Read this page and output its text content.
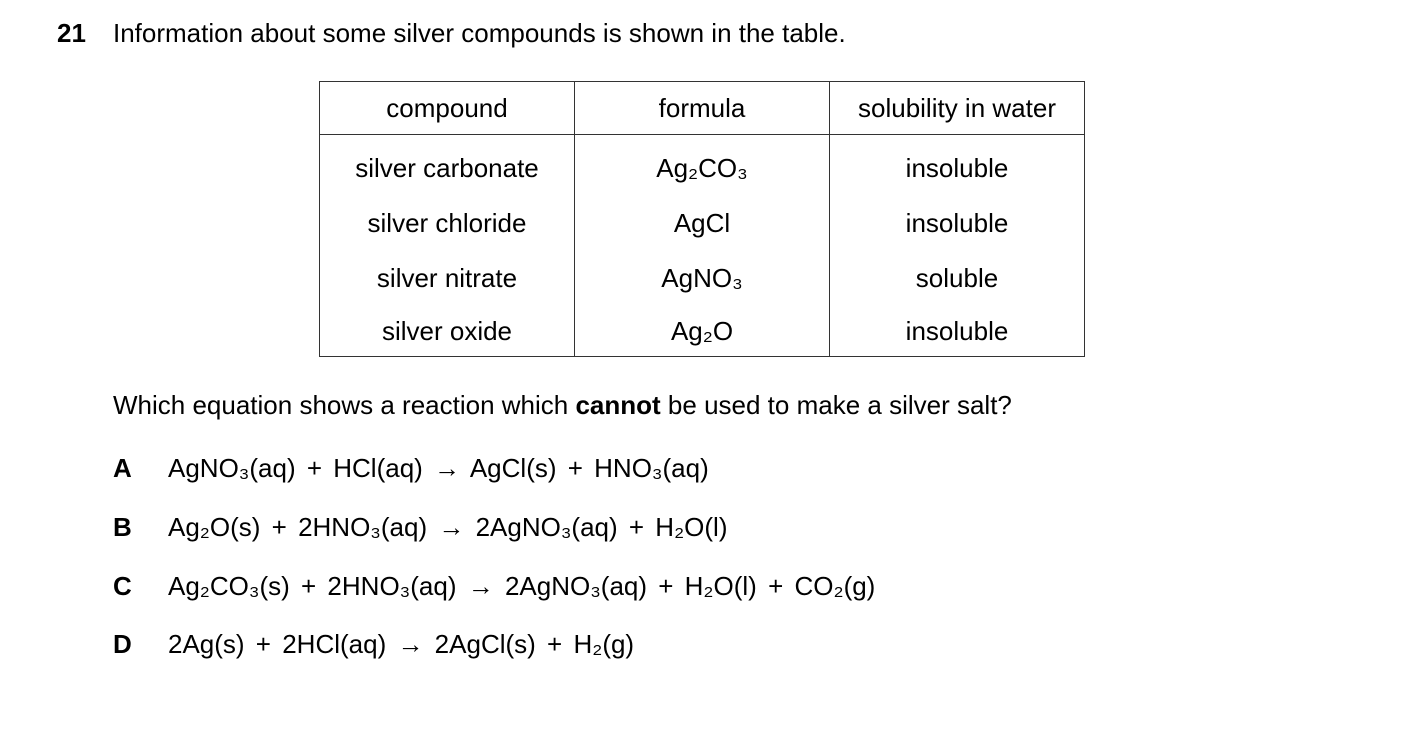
21 Information about some silver compounds is shown in the table.
compound	formula	solubility in water
silver carbonate	Ag₂CO₃	insoluble
silver chloride	AgCl	insoluble
silver nitrate	AgNO₃	soluble
silver oxide	Ag₂O	insoluble
Which equation shows a reaction which cannot be used to make a silver salt?
A AgNO₃(aq) + HCl(aq) → AgCl(s) + HNO₃(aq)
B Ag₂O(s) + 2HNO₃(aq) → 2AgNO₃(aq) + H₂O(l)
C Ag₂CO₃(s) + 2HNO₃(aq) → 2AgNO₃(aq) + H₂O(l) + CO₂(g)
D 2Ag(s) + 2HCl(aq) → 2AgCl(s) + H₂(g)
